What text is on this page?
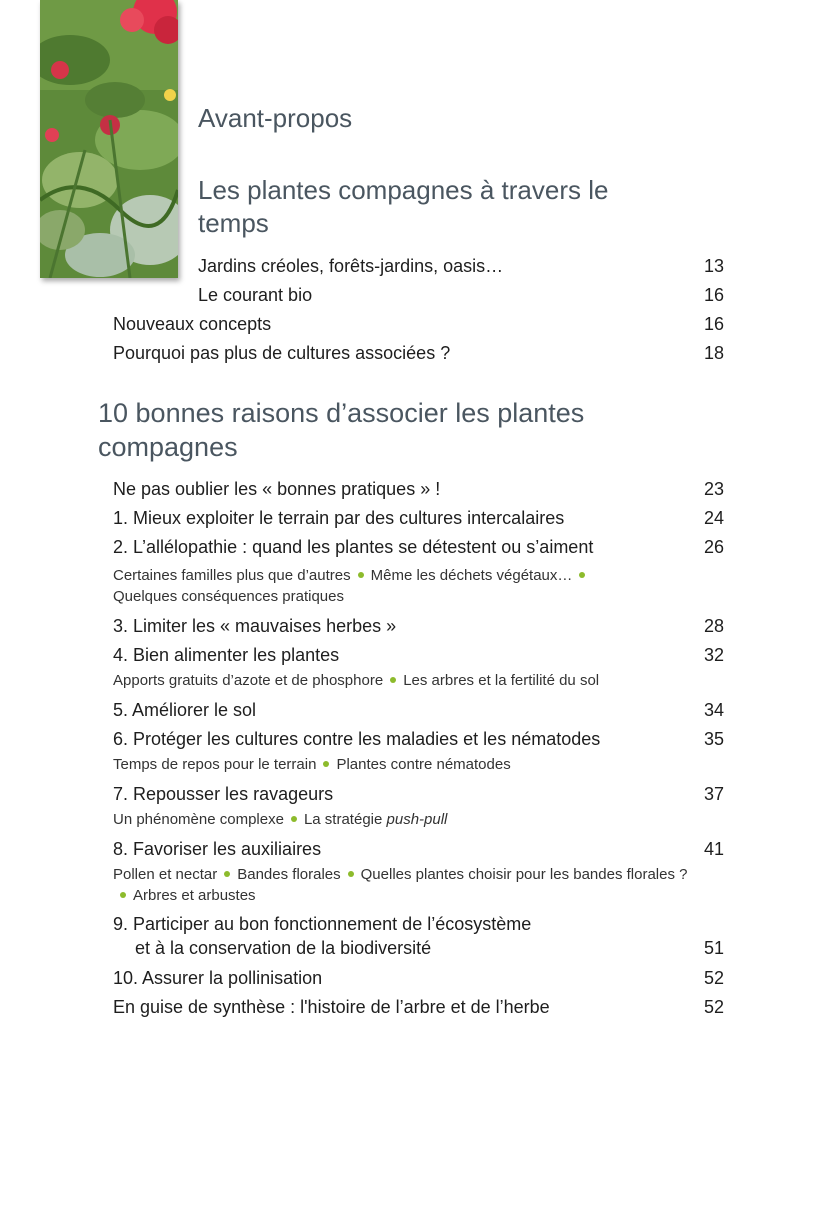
Avant-propos
Les plantes compagnes à travers le temps
Jardins créoles, forêts-jardins, oasis…	13
Le courant bio	16
Nouveaux concepts	16
Pourquoi pas plus de cultures associées ?	18
10 bonnes raisons d’associer les plantes compagnes
Ne pas oublier les « bonnes pratiques » !	23
1. Mieux exploiter le terrain par des cultures intercalaires	24
2. L’allélopathie : quand les plantes se détestent ou s’aiment	26
Certaines familles plus que d’autres Même les déchets végétaux…
Quelques conséquences pratiques
3. Limiter les « mauvaises herbes »	28
4. Bien alimenter les plantes	32
Apports gratuits d’azote et de phosphore Les arbres et la fertilité du sol
5. Améliorer le sol	34
6. Protéger les cultures contre les maladies et les nématodes	35
Temps de repos pour le terrain Plantes contre nématodes
7. Repousser les ravageurs	37
Un phénomène complexe La stratégie push-pull
8. Favoriser les auxiliaires	41
Pollen et nectar Bandes florales Quelles plantes choisir pour les bandes florales ?Arbres et arbustes
9. Participer au bon fonctionnement de l’écosystème
et à la conservation de la biodiversité	51
10. Assurer la pollinisation	52
En guise de synthèse : l'histoire de l’arbre et de l’herbe	52
